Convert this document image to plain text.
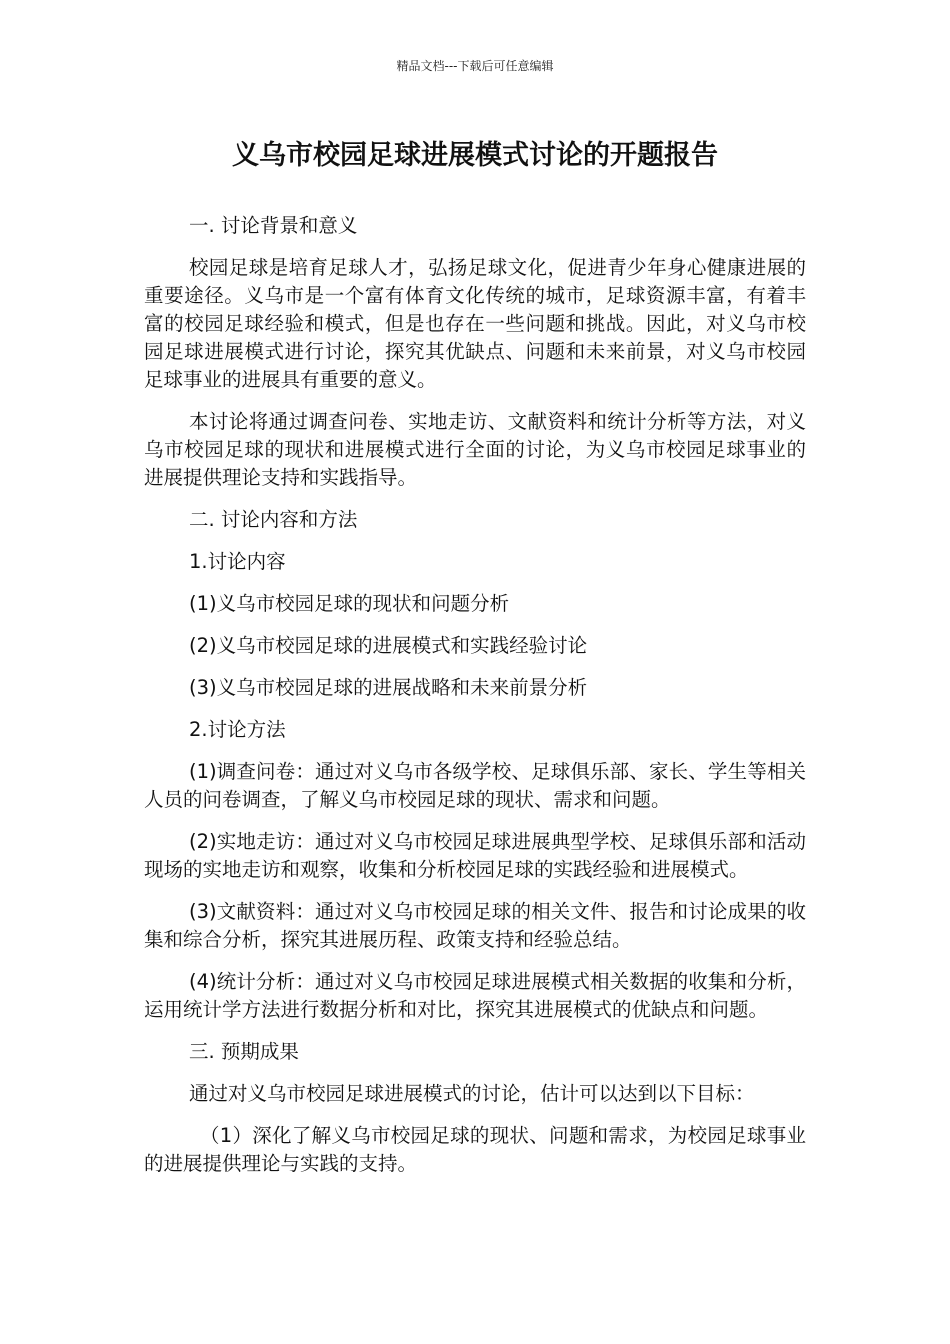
精品文档---下载后可任意编辑
义乌市校园足球进展模式讨论的开题报告

一. 讨论背景和意义

校园足球是培育足球人才，弘扬足球文化，促进青少年身心健康进展的重要途径。义乌市是一个富有体育文化传统的城市，足球资源丰富，有着丰富的校园足球经验和模式，但是也存在一些问题和挑战。因此，对义乌市校园足球进展模式进行讨论，探究其优缺点、问题和未来前景，对义乌市校园足球事业的进展具有重要的意义。

本讨论将通过调查问卷、实地走访、文献资料和统计分析等方法，对义乌市校园足球的现状和进展模式进行全面的讨论，为义乌市校园足球事业的进展提供理论支持和实践指导。

二. 讨论内容和方法

1.讨论内容

(1)义乌市校园足球的现状和问题分析

(2)义乌市校园足球的进展模式和实践经验讨论

(3)义乌市校园足球的进展战略和未来前景分析

2.讨论方法

(1)调查问卷：通过对义乌市各级学校、足球俱乐部、家长、学生等相关人员的问卷调查，了解义乌市校园足球的现状、需求和问题。

(2)实地走访：通过对义乌市校园足球进展典型学校、足球俱乐部和活动现场的实地走访和观察，收集和分析校园足球的实践经验和进展模式。

(3)文献资料：通过对义乌市校园足球的相关文件、报告和讨论成果的收集和综合分析，探究其进展历程、政策支持和经验总结。

(4)统计分析：通过对义乌市校园足球进展模式相关数据的收集和分析，运用统计学方法进行数据分析和对比，探究其进展模式的优缺点和问题。

三. 预期成果

通过对义乌市校园足球进展模式的讨论，估计可以达到以下目标：

（1）深化了解义乌市校园足球的现状、问题和需求，为校园足球事业的进展提供理论与实践的支持。
